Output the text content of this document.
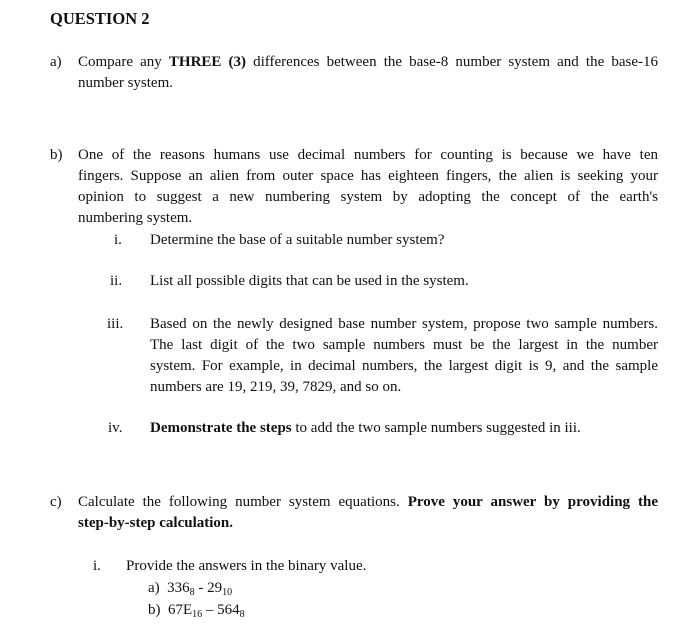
QUESTION 2
a)	Compare any THREE (3) differences between the base-8 number system and the base-16 number system.
b)	One of the reasons humans use decimal numbers for counting is because we have ten
fingers. Suppose an alien from outer space has eighteen fingers, the alien is seeking your
opinion to suggest a new numbering system by adopting the concept of the earth's
numbering system.
i. Determine the base of a suitable number system?
ii. List all possible digits that can be used in the system.
iii. Based on the newly designed base number system, propose two sample numbers.
The last digit of the two sample numbers must be the largest in the number
system. For example, in decimal numbers, the largest digit is 9, and the sample
numbers are 19, 219, 39, 7829, and so on.
iv. Demonstrate the steps to add the two sample numbers suggested in iii.
c)	Calculate the following number system equations. Prove your answer by providing the
step-by-step calculation.
i. Provide the answers in the binary value.
a) $336_8 - 29_{10}$
b) $67E_{16} - 564_8$
